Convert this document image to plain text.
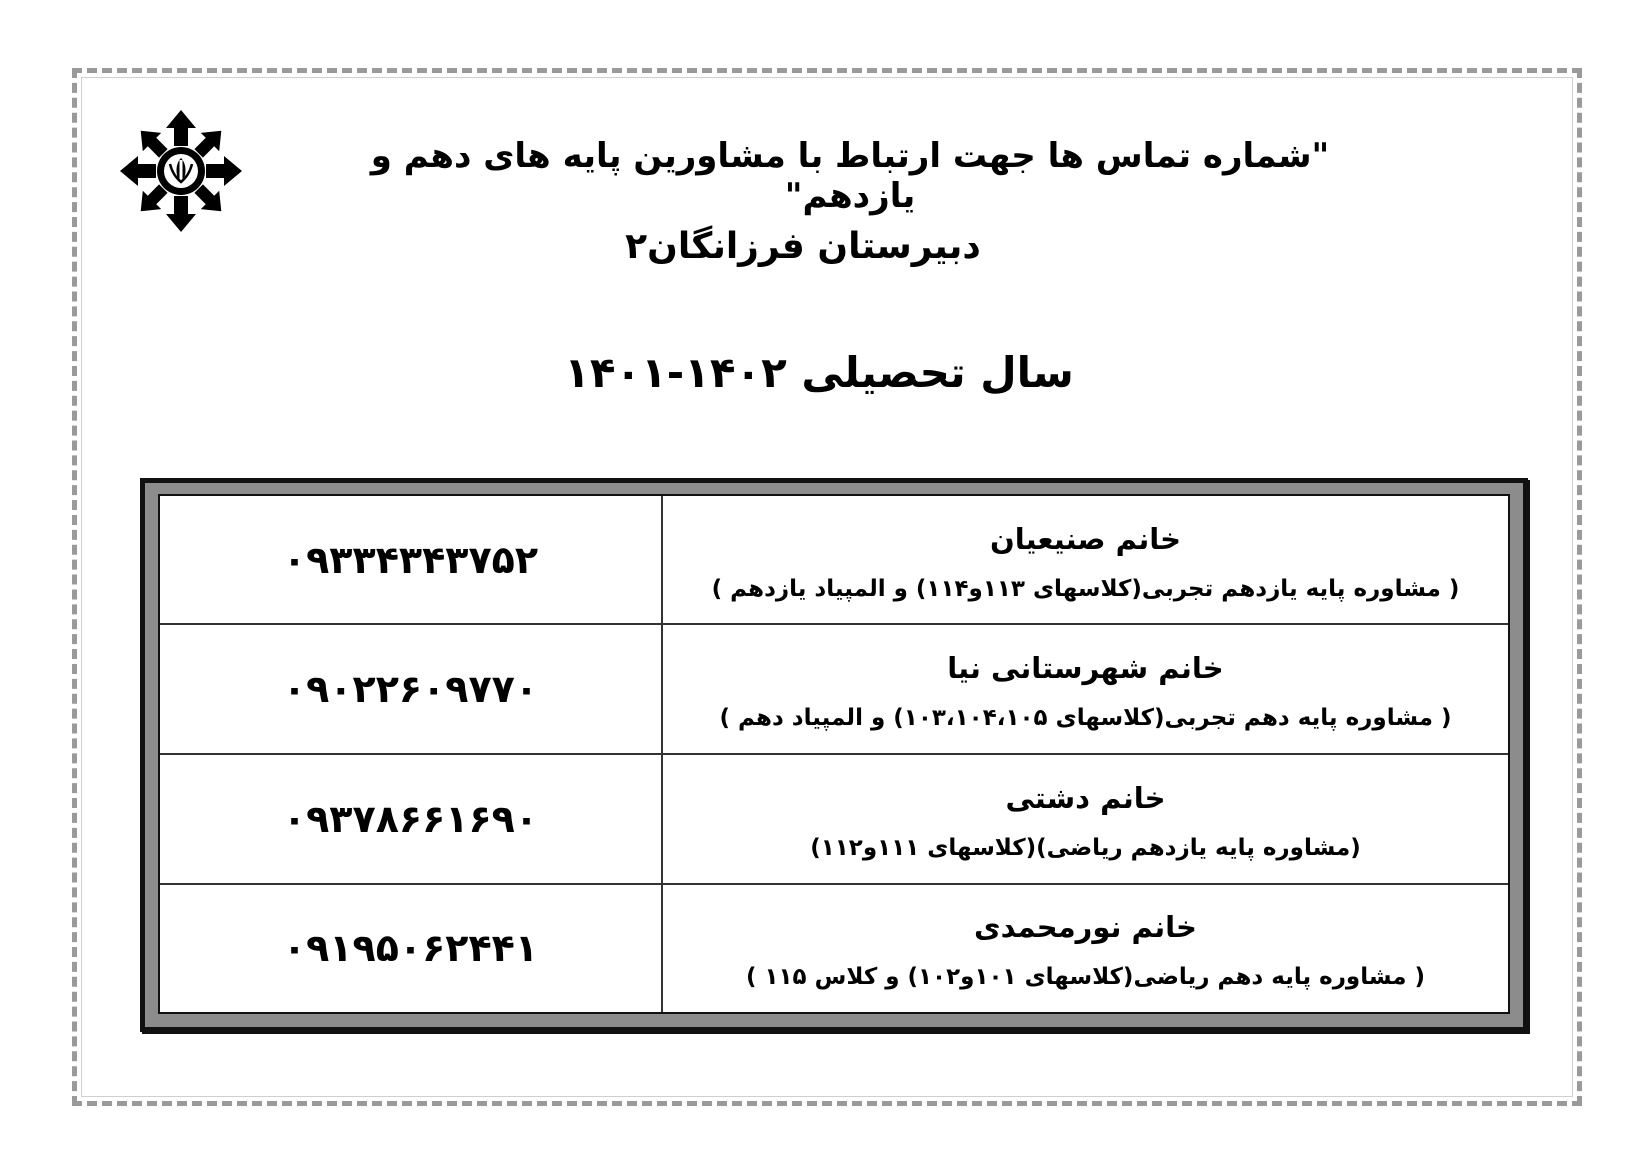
"شماره تماس ها جهت ارتباط با مشاورین پایه های دهم و یازدهم"
دبیرستان فرزانگان۲
سال تحصیلی ۱۴۰۲-۱۴۰۱
خانم صنیعیان
( مشاوره پایه یازدهم تجربی(کلاسهای ۱۱۳و۱۱۴) و المپیاد یازدهم )	۰۹۳۳۴۳۴۳۷۵۲

خانم شهرستانی نیا
( مشاوره پایه دهم تجربی(کلاسهای ۱۰۳،۱۰۴،۱۰۵) و المپیاد دهم )	۰۹۰۲۲۶۰۹۷۷۰

خانم دشتی
(مشاوره پایه یازدهم ریاضی)(کلاسهای ۱۱۱و۱۱۲)	۰۹۳۷۸۶۶۱۶۹۰

خانم نورمحمدی
( مشاوره پایه دهم ریاضی(کلاسهای ۱۰۱و۱۰۲) و کلاس ۱۱۵ )	۰۹۱۹۵۰۶۲۴۴۱
